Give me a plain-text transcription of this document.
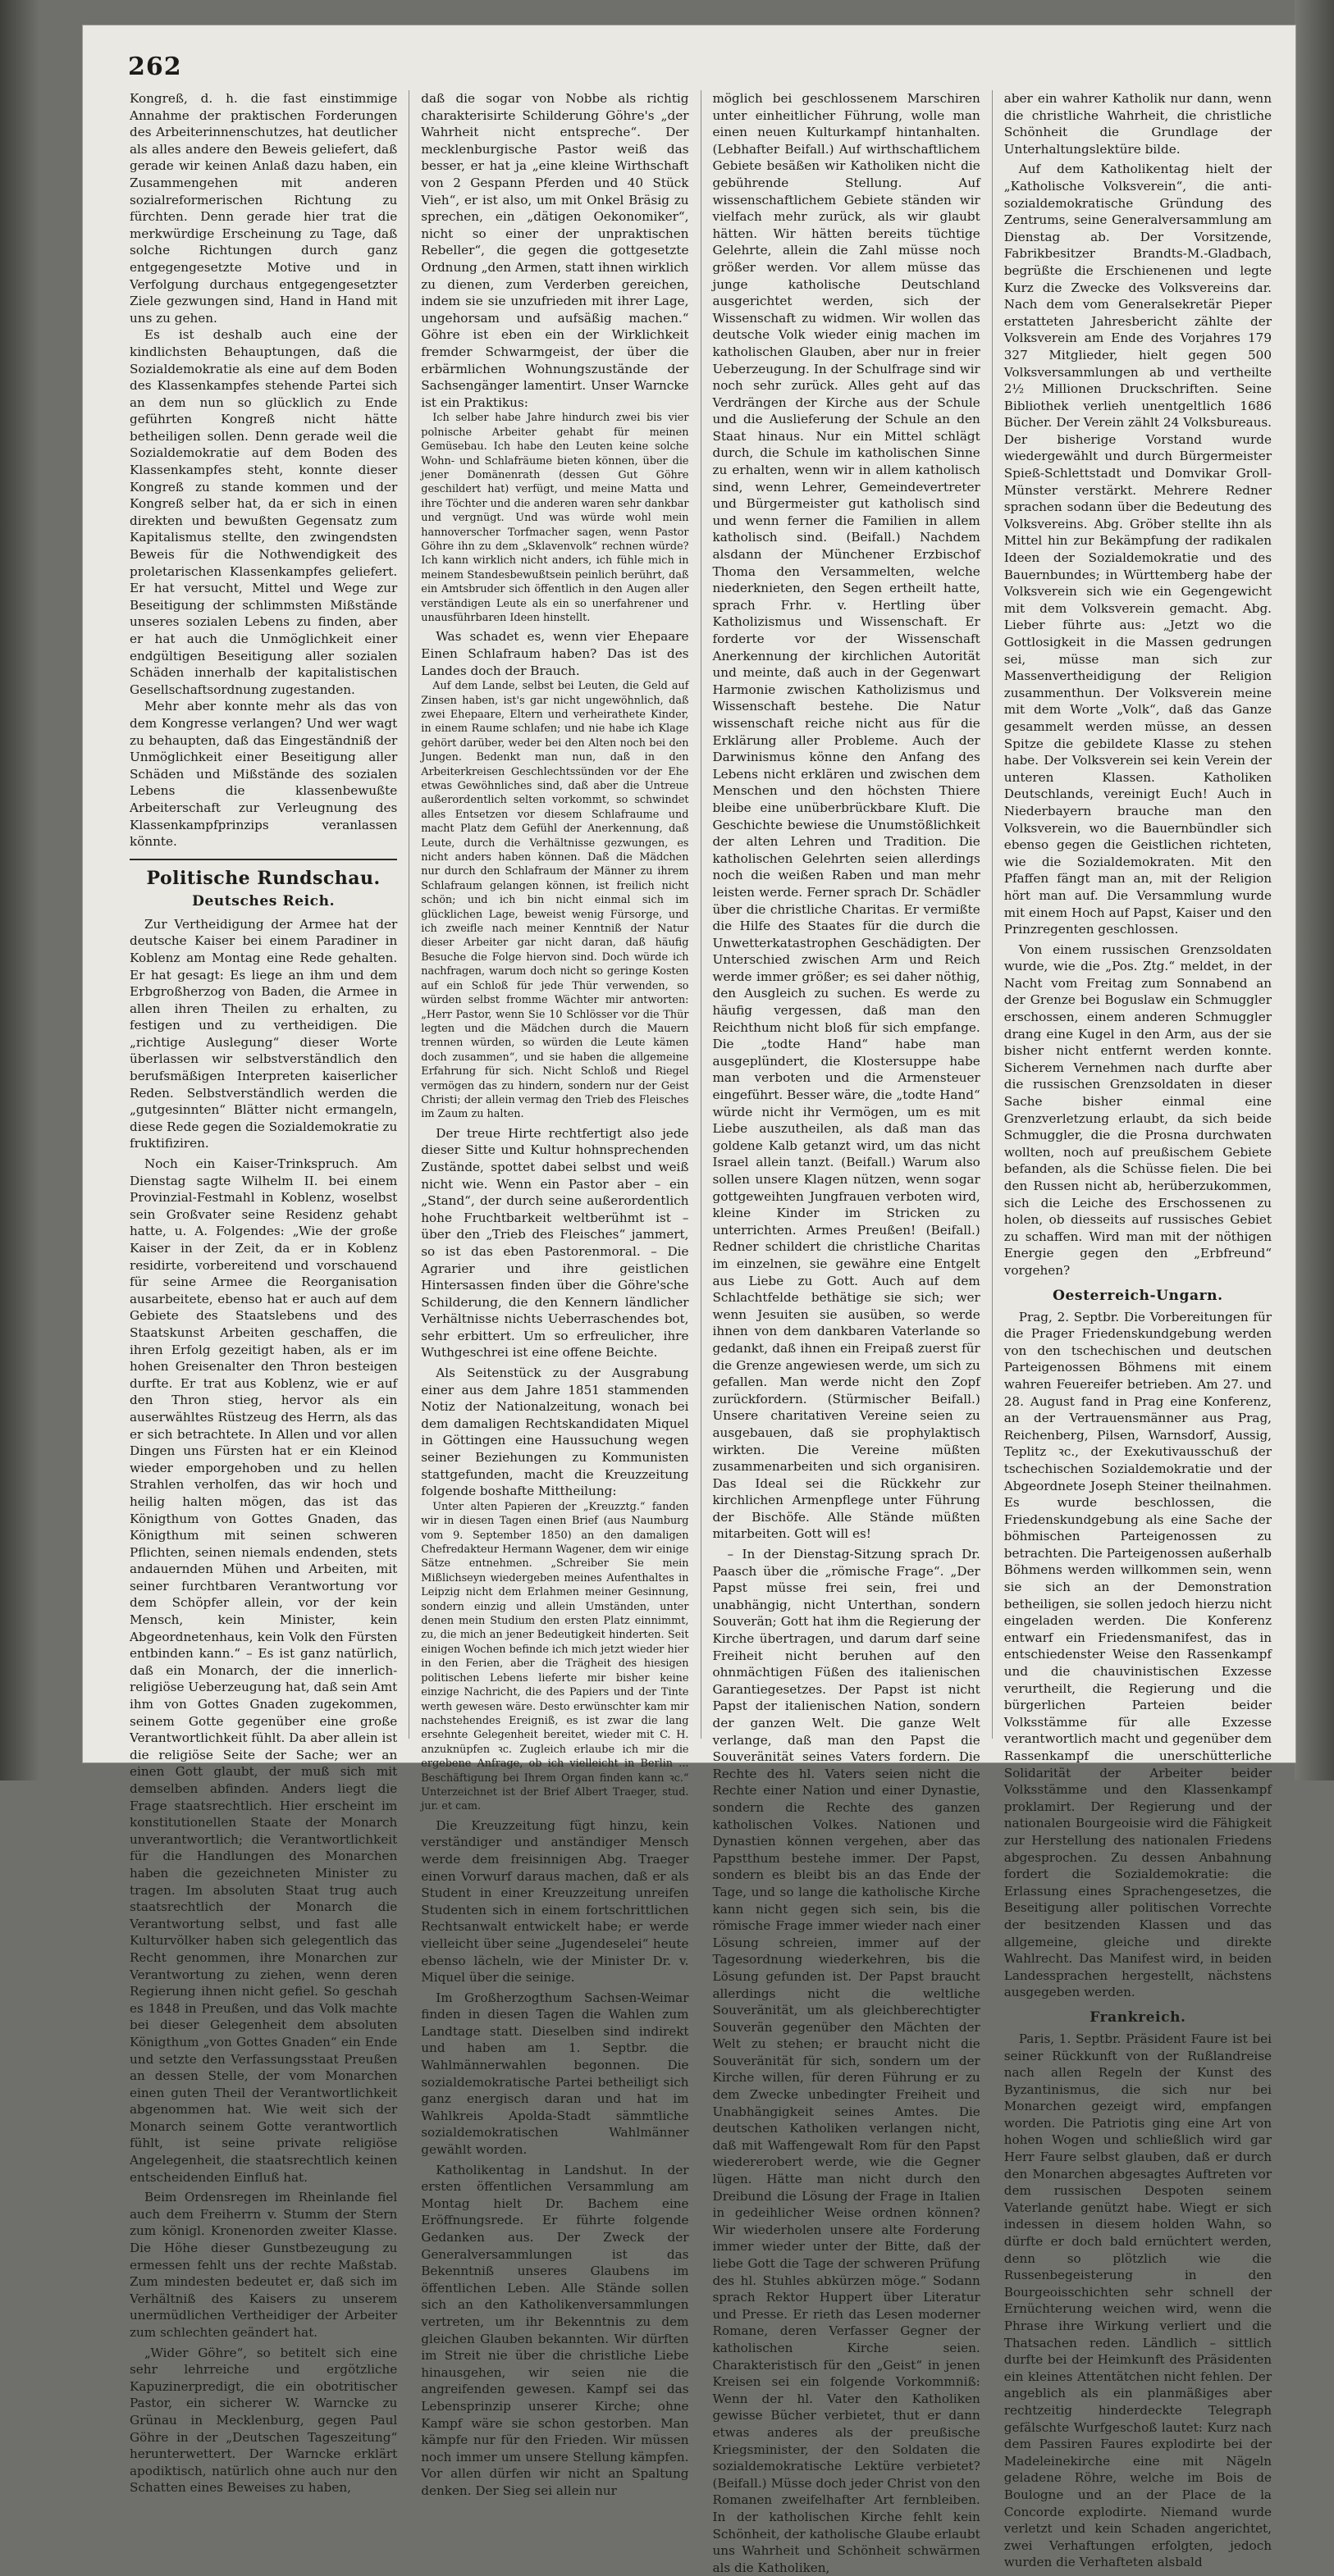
262

Kongreß, d. h. die fast einstimmige Annahme der praktischen Forderungen des Arbeiterinnenschutzes, hat deutlicher als alles andere den Beweis geliefert, daß gerade wir keinen Anlaß dazu haben, ein Zusammengehen mit anderen sozialreformerischen Richtung zu fürchten. Denn gerade hier trat die merkwürdige Erscheinung zu Tage, daß solche Richtungen durch ganz entgegengesetzte Motive und in Verfolgung durchaus entgegengesetzter Ziele gezwungen sind, Hand in Hand mit uns zu gehen.

Es ist deshalb auch eine der kindlichsten Behauptungen, daß die Sozialdemokratie als eine auf dem Boden des Klassenkampfes stehende Partei sich an dem nun so glücklich zu Ende geführten Kongreß nicht hätte betheiligen sollen. Denn gerade weil die Sozialdemokratie auf dem Boden des Klassenkampfes steht, konnte dieser Kongreß zu stande kommen und der Kongreß selber hat, da er sich in einen direkten und bewußten Gegensatz zum Kapitalismus stellte, den zwingendsten Beweis für die Nothwendigkeit des proletarischen Klassenkampfes geliefert. Er hat versucht, Mittel und Wege zur Beseitigung der schlimmsten Mißstände unseres sozialen Lebens zu finden, aber er hat auch die Unmöglichkeit einer endgültigen Beseitigung aller sozialen Schäden innerhalb der kapitalistischen Gesellschaftsordnung zugestanden.

Mehr aber konnte mehr als das von dem Kongresse verlangen? Und wer wagt zu behaupten, daß das Eingeständniß der Unmöglichkeit einer Beseitigung aller Schäden und Mißstände des sozialen Lebens die klassenbewußte Arbeiterschaft zur Verleugnung des Klassenkampfprinzips veranlassen könnte.

Politische Rundschau.
Deutsches Reich.

Zur Vertheidigung der Armee hat der deutsche Kaiser bei einem Paradiner in Koblenz am Montag eine Rede gehalten. Er hat gesagt: Es liege an ihm und dem Erbgroßherzog von Baden, die Armee in allen ihren Theilen zu erhalten, zu festigen und zu vertheidigen. Die „richtige Auslegung“ dieser Worte überlassen wir selbstverständlich den berufsmäßigen Interpreten kaiserlicher Reden. Selbstverständlich werden die „gutgesinnten“ Blätter nicht ermangeln, diese Rede gegen die Sozialdemokratie zu fruktifiziren.

Noch ein Kaiser-Trinkspruch. Am Dienstag sagte Wilhelm II. bei einem Provinzial-Festmahl in Koblenz, woselbst sein Großvater seine Residenz gehabt hatte, u. A. Folgendes: „Wie der große Kaiser in der Zeit, da er in Koblenz residirte, vorbereitend und vorschauend für seine Armee die Reorganisation ausarbeitete, ebenso hat er auch auf dem Gebiete des Staatslebens und des Staatskunst Arbeiten geschaffen, die ihren Erfolg gezeitigt haben, als er im hohen Greisenalter den Thron besteigen durfte. Er trat aus Koblenz, wie er auf den Thron stieg, hervor als ein auserwähltes Rüstzeug des Herrn, als das er sich betrachtete. In Allen und vor allen Dingen uns Fürsten hat er ein Kleinod wieder emporgehoben und zu hellen Strahlen verholfen, das wir hoch und heilig halten mögen, das ist das Königthum von Gottes Gnaden, das Königthum mit seinen schweren Pflichten, seinen niemals endenden, stets andauernden Mühen und Arbeiten, mit seiner furchtbaren Verantwortung vor dem Schöpfer allein, vor der kein Mensch, kein Minister, kein Abgeordnetenhaus, kein Volk den Fürsten entbinden kann.“ – Es ist ganz natürlich, daß ein Monarch, der die innerlich-religiöse Ueberzeugung hat, daß sein Amt ihm von Gottes Gnaden zugekommen, seinem Gotte gegenüber eine große Verantwortlichkeit fühlt. Da aber allein ist die religiöse Seite der Sache; wer an einen Gott glaubt, der muß sich mit demselben abfinden. Anders liegt die Frage staatsrechtlich. Hier erscheint im konstitutionellen Staate der Monarch unverantwortlich; die Verantwortlichkeit für die Handlungen des Monarchen haben die gezeichneten Minister zu tragen. Im absoluten Staat trug auch staatsrechtlich der Monarch die Verantwortung selbst, und fast alle Kulturvölker haben sich gelegentlich das Recht genommen, ihre Monarchen zur Verantwortung zu ziehen, wenn deren Regierung ihnen nicht gefiel. So geschah es 1848 in Preußen, und das Volk machte bei dieser Gelegenheit dem absoluten Königthum „von Gottes Gnaden“ ein Ende und setzte den Verfassungsstaat Preußen an dessen Stelle, der vom Monarchen einen guten Theil der Verantwortlichkeit abgenommen hat. Wie weit sich der Monarch seinem Gotte verantwortlich fühlt, ist seine private religiöse Angelegenheit, die staatsrechtlich keinen entscheidenden Einfluß hat.

Beim Ordensregen im Rheinlande fiel auch dem Freiherrn v. Stumm der Stern zum königl. Kronenorden zweiter Klasse. Die Höhe dieser Gunstbezeugung zu ermessen fehlt uns der rechte Maßstab. Zum mindesten bedeutet er, daß sich im Verhältniß des Kaisers zu unserem unermüdlichen Vertheidiger der Arbeiter zum schlechten geändert hat.

„Wider Göhre“, so betitelt sich eine sehr lehrreiche und ergötzliche Kapuzinerpredigt, die ein obotritischer Pastor, ein sicherer W. Warncke zu Grünau in Mecklenburg, gegen Paul Göhre in der „Deutschen Tageszeitung“ herunterwettert. Der Warncke erklärt apodiktisch, natürlich ohne auch nur den Schatten eines Beweises zu haben,

daß die sogar von Nobbe als richtig charakterisirte Schilderung Göhre's „der Wahrheit nicht entspreche“. Der mecklenburgische Pastor weiß das besser, er hat ja „eine kleine Wirthschaft von 2 Gespann Pferden und 40 Stück Vieh“, er ist also, um mit Onkel Bräsig zu sprechen, ein „dätigen Oekonomiker“, nicht so einer der unpraktischen Rebeller“, die gegen die gottgesetzte Ordnung „den Armen, statt ihnen wirklich zu dienen, zum Verderben gereichen, indem sie sie unzufrieden mit ihrer Lage, ungehorsam und aufsäßig machen.“ Göhre ist eben ein der Wirklichkeit fremder Schwarmgeist, der über die erbärmlichen Wohnungszustände der Sachsengänger lamentirt. Unser Warncke ist ein Praktikus:

Ich selber habe Jahre hindurch zwei bis vier polnische Arbeiter gehabt für meinen Gemüsebau. Ich habe den Leuten keine solche Wohn- und Schlafräume bieten können, über die jener Domänenrath (dessen Gut Göhre geschildert hat) verfügt, und meine Matta und ihre Töchter und die anderen waren sehr dankbar und vergnügt. Und was würde wohl mein hannoverscher Torfmacher sagen, wenn Pastor Göhre ihn zu dem „Sklavenvolk“ rechnen würde? Ich kann wirklich nicht anders, ich fühle mich in meinem Standesbewußtsein peinlich berührt, daß ein Amtsbruder sich öffentlich in den Augen aller verständigen Leute als ein so unerfahrener und unausführbaren Ideen hinstellt.

Was schadet es, wenn vier Ehepaare Einen Schlafraum haben? Das ist des Landes doch der Brauch.

Auf dem Lande, selbst bei Leuten, die Geld auf Zinsen haben, ist's gar nicht ungewöhnlich, daß zwei Ehepaare, Eltern und verheirathete Kinder, in einem Raume schlafen; und nie habe ich Klage gehört darüber, weder bei den Alten noch bei den Jungen. Bedenkt man nun, daß in den Arbeiterkreisen Geschlechtssünden vor der Ehe etwas Gewöhnliches sind, daß aber die Untreue außerordentlich selten vorkommt, so schwindet alles Entsetzen vor diesem Schlafraume und macht Platz dem Gefühl der Anerkennung, daß Leute, durch die Verhältnisse gezwungen, es nicht anders haben können. Daß die Mädchen nur durch den Schlafraum der Männer zu ihrem Schlafraum gelangen können, ist freilich nicht schön; und ich bin nicht einmal sich im glücklichen Lage, beweist wenig Fürsorge, und ich zweifle nach meiner Kenntniß der Natur dieser Arbeiter gar nicht daran, daß häufig Besuche die Folge hiervon sind. Doch würde ich nachfragen, warum doch nicht so geringe Kosten auf ein Schloß für jede Thür verwenden, so würden selbst fromme Wächter mir antworten: „Herr Pastor, wenn Sie 10 Schlösser vor die Thür legten und die Mädchen durch die Mauern trennen würden, so würden die Leute kämen doch zusammen“, und sie haben die allgemeine Erfahrung für sich. Nicht Schloß und Riegel vermögen das zu hindern, sondern nur der Geist Christi; der allein vermag den Trieb des Fleisches im Zaum zu halten.

Der treue Hirte rechtfertigt also jede dieser Sitte und Kultur hohnsprechenden Zustände, spottet dabei selbst und weiß nicht wie. Wenn ein Pastor aber – ein „Stand“, der durch seine außerordentlich hohe Fruchtbarkeit weltberühmt ist – über den „Trieb des Fleisches“ jammert, so ist das eben Pastorenmoral. – Die Agrarier und ihre geistlichen Hintersassen finden über die Göhre'sche Schilderung, die den Kennern ländlicher Verhältnisse nichts Ueberraschendes bot, sehr erbittert. Um so erfreulicher, ihre Wuthgeschrei ist eine offene Beichte.

Als Seitenstück zu der Ausgrabung einer aus dem Jahre 1851 stammenden Notiz der Nationalzeitung, wonach bei dem damaligen Rechtskandidaten Miquel in Göttingen eine Haussuchung wegen seiner Beziehungen zu Kommunisten stattgefunden, macht die Kreuzzeitung folgende boshafte Mittheilung:

Unter alten Papieren der „Kreuzztg.“ fanden wir in diesen Tagen einen Brief (aus Naumburg vom 9. September 1850) an den damaligen Chefredakteur Hermann Wagener, dem wir einige Sätze entnehmen. „Schreiber Sie mein Mißlichseyn wiedergeben meines Aufenthaltes in Leipzig nicht dem Erlahmen meiner Gesinnung, sondern einzig und allein Umständen, unter denen mein Studium den ersten Platz einnimmt, zu, die mich an jener Bedeutigkeit hinderten. Seit einigen Wochen befinde ich mich jetzt wieder hier in den Ferien, aber die Trägheit des hiesigen politischen Lebens lieferte mir bisher keine einzige Nachricht, die des Papiers und der Tinte werth gewesen wäre. Desto erwünschter kam mir nachstehendes Ereigniß, es ist zwar die lang ersehnte Gelegenheit bereitet, wieder mit C. H. anzuknüpfen ꝛc. Zugleich erlaube ich mir die ergebene Anfrage, ob ich vielleicht in Berlin ... Beschäftigung bei Ihrem Organ finden kann ꝛc.“ Unterzeichnet ist der Brief Albert Traeger, stud. jur. et cam.

Die Kreuzzeitung fügt hinzu, kein verständiger und anständiger Mensch werde dem freisinnigen Abg. Traeger einen Vorwurf daraus machen, daß er als Student in einer Kreuzzeitung unreifen Studenten sich in einem fortschrittlichen Rechtsanwalt entwickelt habe; er werde vielleicht über seine „Jugendeselei“ heute ebenso lächeln, wie der Minister Dr. v. Miquel über die seinige.

Im Großherzogthum Sachsen-Weimar finden in diesen Tagen die Wahlen zum Landtage statt. Dieselben sind indirekt und haben am 1. Septbr. die Wahlmännerwahlen begonnen. Die sozialdemokratische Partei betheiligt sich ganz energisch daran und hat im Wahlkreis Apolda-Stadt sämmtliche sozialdemokratischen Wahlmänner gewählt worden.

Katholikentag in Landshut. In der ersten öffentlichen Versammlung am Montag hielt Dr. Bachem eine Eröffnungsrede. Er führte folgende Gedanken aus. Der Zweck der Generalversammlungen ist das Bekenntniß unseres Glaubens im öffentlichen Leben. Alle Stände sollen sich an den Katholikenversammlungen vertreten, um ihr Bekenntnis zu dem gleichen Glauben bekannten. Wir dürften im Streit nie über die christliche Liebe hinausgehen, wir seien nie die angreifenden gewesen. Kampf sei das Lebensprinzip unserer Kirche; ohne Kampf wäre sie schon gestorben. Man kämpfe nur für den Frieden. Wir müssen noch immer um unsere Stellung kämpfen. Vor allen dürfen wir nicht an Spaltung denken. Der Sieg sei allein nur

möglich bei geschlossenem Marschiren unter einheitlicher Führung, wolle man einen neuen Kulturkampf hintanhalten. (Lebhafter Beifall.) Auf wirthschaftlichem Gebiete besäßen wir Katholiken nicht die gebührende Stellung. Auf wissenschaftlichem Gebiete ständen wir vielfach mehr zurück, als wir glaubt hätten. Wir hätten bereits tüchtige Gelehrte, allein die Zahl müsse noch größer werden. Vor allem müsse das junge katholische Deutschland ausgerichtet werden, sich der Wissenschaft zu widmen. Wir wollen das deutsche Volk wieder einig machen im katholischen Glauben, aber nur in freier Ueberzeugung. In der Schulfrage sind wir noch sehr zurück. Alles geht auf das Verdrängen der Kirche aus der Schule und die Auslieferung der Schule an den Staat hinaus. Nur ein Mittel schlägt durch, die Schule im katholischen Sinne zu erhalten, wenn wir in allem katholisch sind, wenn Lehrer, Gemeindevertreter und Bürgermeister gut katholisch sind und wenn ferner die Familien in allem katholisch sind. (Beifall.) Nachdem alsdann der Münchener Erzbischof Thoma den Versammelten, welche niederknieten, den Segen ertheilt hatte, sprach Frhr. v. Hertling über Katholizismus und Wissenschaft. Er forderte vor der Wissenschaft Anerkennung der kirchlichen Autorität und meinte, daß auch in der Gegenwart Harmonie zwischen Katholizismus und Wissenschaft bestehe. Die Natur wissenschaft reiche nicht aus für die Erklärung aller Probleme. Auch der Darwinismus könne den Anfang des Lebens nicht erklären und zwischen dem Menschen und den höchsten Thiere bleibe eine unüberbrückbare Kluft. Die Geschichte bewiese die Unumstößlichkeit der alten Lehren und Tradition. Die katholischen Gelehrten seien allerdings noch die weißen Raben und man mehr leisten werde. Ferner sprach Dr. Schädler über die christliche Charitas. Er vermißte die Hilfe des Staates für die durch die Unwetterkatastrophen Geschädigten. Der Unterschied zwischen Arm und Reich werde immer größer; es sei daher nöthig, den Ausgleich zu suchen. Es werde zu häufig vergessen, daß man den Reichthum nicht bloß für sich empfange. Die „todte Hand“ habe man ausgeplündert, die Klostersuppe habe man verboten und die Armensteuer eingeführt. Besser wäre, die „todte Hand“ würde nicht ihr Vermögen, um es mit Liebe auszutheilen, als daß man das goldene Kalb getanzt wird, um das nicht Israel allein tanzt. (Beifall.) Warum also sollen unsere Klagen nützen, wenn sogar gottgeweihten Jungfrauen verboten wird, kleine Kinder im Stricken zu unterrichten. Armes Preußen! (Beifall.) Redner schildert die christliche Charitas im einzelnen, sie gewähre eine Entgelt aus Liebe zu Gott. Auch auf dem Schlachtfelde bethätige sie sich; wer wenn Jesuiten sie ausüben, so werde ihnen von dem dankbaren Vaterlande so gedankt, daß ihnen ein Freipaß zuerst für die Grenze angewiesen werde, um sich zu gefallen. Man werde nicht den Zopf zurückfordern. (Stürmischer Beifall.) Unsere charitativen Vereine seien zu ausgebauen, daß sie prophylaktisch wirkten. Die Vereine müßten zusammenarbeiten und sich organisiren. Das Ideal sei die Rückkehr zur kirchlichen Armenpflege unter Führung der Bischöfe. Alle Stände müßten mitarbeiten. Gott will es!

– In der Dienstag-Sitzung sprach Dr. Paasch über die „römische Frage“. „Der Papst müsse frei sein, frei und unabhängig, nicht Unterthan, sondern Souverän; Gott hat ihm die Regierung der Kirche übertragen, und darum darf seine Freiheit nicht beruhen auf den ohnmächtigen Füßen des italienischen Garantiegesetzes. Der Papst ist nicht Papst der italienischen Nation, sondern der ganzen Welt. Die ganze Welt verlange, daß man den Papst die Souveränität seines Vaters fordern. Die Rechte des hl. Vaters seien nicht die Rechte einer Nation und einer Dynastie, sondern die Rechte des ganzen katholischen Volkes. Nationen und Dynastien können vergehen, aber das Papstthum bestehe immer. Der Papst, sondern es bleibt bis an das Ende der Tage, und so lange die katholische Kirche kann nicht gegen sich sein, bis die römische Frage immer wieder nach einer Lösung schreien, immer auf der Tagesordnung wiederkehren, bis die Lösung gefunden ist. Der Papst braucht allerdings nicht die weltliche Souveränität, um als gleichberechtigter Souverän gegenüber den Mächten der Welt zu stehen; er braucht nicht die Souveränität für sich, sondern um der Kirche willen, für deren Führung er zu dem Zwecke unbedingter Freiheit und Unabhängigkeit seines Amtes. Die deutschen Katholiken verlangen nicht, daß mit Waffengewalt Rom für den Papst wiedererobert werde, wie die Gegner lügen. Hätte man nicht durch den Dreibund die Lösung der Frage in Italien in gedeihlicher Weise ordnen können? Wir wiederholen unsere alte Forderung immer wieder unter der Bitte, daß der liebe Gott die Tage der schweren Prüfung des hl. Stuhles abkürzen möge.“ Sodann sprach Rektor Huppert über Literatur und Presse. Er rieth das Lesen moderner Romane, deren Verfasser Gegner der katholischen Kirche seien. Charakteristisch für den „Geist“ in jenen Kreisen sei ein folgende Vorkommniß: Wenn der hl. Vater den Katholiken gewisse Bücher verbietet, thut er dann etwas anderes als der preußische Kriegsminister, der den Soldaten die sozialdemokratische Lektüre verbietet? (Beifall.) Müsse doch jeder Christ von den Romanen zweifelhafter Art fernbleiben. In der katholischen Kirche fehlt kein Schönheit, der katholische Glaube erlaubt uns Wahrheit und Schönheit schwärmen als die Katholiken,

aber ein wahrer Katholik nur dann, wenn die christliche Wahrheit, die christliche Schönheit die Grundlage der Unterhaltungslektüre bilde.

Auf dem Katholikentag hielt der „Katholische Volksverein“, die anti-sozialdemokratische Gründung des Zentrums, seine Generalversammlung am Dienstag ab. Der Vorsitzende, Fabrikbesitzer Brandts-M.-Gladbach, begrüßte die Erschienenen und legte Kurz die Zwecke des Volksvereins dar. Nach dem vom Generalsekretär Pieper erstatteten Jahresbericht zählte der Volksverein am Ende des Vorjahres 179 327 Mitglieder, hielt gegen 500 Volksversammlungen ab und vertheilte 2½ Millionen Druckschriften. Seine Bibliothek verlieh unentgeltlich 1686 Bücher. Der Verein zählt 24 Volksbureaus. Der bisherige Vorstand wurde wiedergewählt und durch Bürgermeister Spieß-Schlettstadt und Domvikar Groll-Münster verstärkt. Mehrere Redner sprachen sodann über die Bedeutung des Volksvereins. Abg. Gröber stellte ihn als Mittel hin zur Bekämpfung der radikalen Ideen der Sozialdemokratie und des Bauernbundes; in Württemberg habe der Volksverein sich wie ein Gegengewicht mit dem Volksverein gemacht. Abg. Lieber führte aus: „Jetzt wo die Gottlosigkeit in die Massen gedrungen sei, müsse man sich zur Massenvertheidigung der Religion zusammenthun. Der Volksverein meine mit dem Worte „Volk“, daß das Ganze gesammelt werden müsse, an dessen Spitze die gebildete Klasse zu stehen habe. Der Volksverein sei kein Verein der unteren Klassen. Katholiken Deutschlands, vereinigt Euch! Auch in Niederbayern brauche man den Volksverein, wo die Bauernbündler sich ebenso gegen die Geistlichen richteten, wie die Sozialdemokraten. Mit den Pfaffen fängt man an, mit der Religion hört man auf. Die Versammlung wurde mit einem Hoch auf Papst, Kaiser und den Prinzregenten geschlossen.

Von einem russischen Grenzsoldaten wurde, wie die „Pos. Ztg.“ meldet, in der Nacht vom Freitag zum Sonnabend an der Grenze bei Boguslaw ein Schmuggler erschossen, einem anderen Schmuggler drang eine Kugel in den Arm, aus der sie bisher nicht entfernt werden konnte. Sicherem Vernehmen nach durfte aber die russischen Grenzsoldaten in dieser Sache bisher einmal eine Grenzverletzung erlaubt, da sich beide Schmuggler, die die Prosna durchwaten wollten, noch auf preußischem Gebiete befanden, als die Schüsse fielen. Die bei den Russen nicht ab, herüberzukommen, sich die Leiche des Erschossenen zu holen, ob diesseits auf russisches Gebiet zu schaffen. Wird man mit der nöthigen Energie gegen den „Erbfreund“ vorgehen?

Oesterreich-Ungarn.

Prag, 2. Septbr. Die Vorbereitungen für die Prager Friedenskundgebung werden von den tschechischen und deutschen Parteigenossen Böhmens mit einem wahren Feuereifer betrieben. Am 27. und 28. August fand in Prag eine Konferenz, an der Vertrauensmänner aus Prag, Reichenberg, Pilsen, Warnsdorf, Aussig, Teplitz ꝛc., der Exekutivausschuß der tschechischen Sozialdemokratie und der Abgeordnete Joseph Steiner theilnahmen. Es wurde beschlossen, die Friedenskundgebung als eine Sache der böhmischen Parteigenossen zu betrachten. Die Parteigenossen außerhalb Böhmens werden willkommen sein, wenn sie sich an der Demonstration betheiligen, sie sollen jedoch hierzu nicht eingeladen werden. Die Konferenz entwarf ein Friedensmanifest, das in entschiedenster Weise den Rassenkampf und die chauvinistischen Exzesse verurtheilt, die Regierung und die bürgerlichen Parteien beider Volksstämme für alle Exzesse verantwortlich macht und gegenüber dem Rassenkampf die unerschütterliche Solidarität der Arbeiter beider Volksstämme und den Klassenkampf proklamirt. Der Regierung und der nationalen Bourgeoisie wird die Fähigkeit zur Herstellung des nationalen Friedens abgesprochen. Zu dessen Anbahnung fordert die Sozialdemokratie: die Erlassung eines Sprachengesetzes, die Beseitigung aller politischen Vorrechte der besitzenden Klassen und das allgemeine, gleiche und direkte Wahlrecht. Das Manifest wird, in beiden Landessprachen hergestellt, nächstens ausgegeben werden.

Frankreich.

Paris, 1. Septbr. Präsident Faure ist bei seiner Rückkunft von der Rußlandreise nach allen Regeln der Kunst des Byzantinismus, die sich nur bei Monarchen gezeigt wird, empfangen worden. Die Patriotis ging eine Art von hohen Wogen und schließlich wird gar Herr Faure selbst glauben, daß er durch den Monarchen abgesagtes Auftreten vor dem russischen Despoten seinem Vaterlande genützt habe. Wiegt er sich indessen in diesem holden Wahn, so dürfte er doch bald ernüchtert werden, denn so plötzlich wie die Russenbegeisterung in den Bourgeoisschichten sehr schnell der Ernüchterung weichen wird, wenn die Phrase ihre Wirkung verliert und die Thatsachen reden. Ländlich – sittlich durfte bei der Heimkunft des Präsidenten ein kleines Attentätchen nicht fehlen. Der angeblich als ein planmäßiges aber rechtzeitig hinderdeckte Telegraph gefälschte Wurfgeschoß lautet: Kurz nach dem Passiren Faures explodirte bei der Madeleinekirche eine mit Nägeln geladene Röhre, welche im Bois de Boulogne und an der Place de la Concorde explodirte. Niemand wurde verletzt und kein Schaden angerichtet, zwei Verhaftungen erfolgten, jedoch wurden die Verhafteten alsbald
